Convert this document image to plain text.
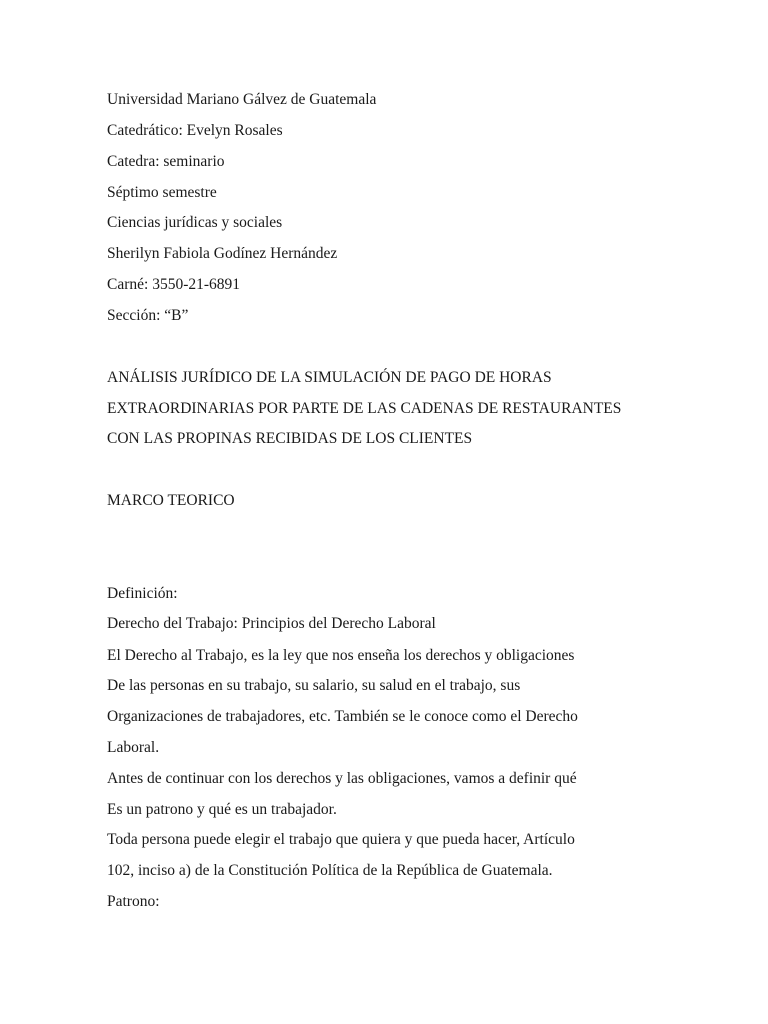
Universidad Mariano Gálvez de Guatemala

Catedrático: Evelyn Rosales

Catedra: seminario

Séptimo semestre

Ciencias jurídicas y sociales

Sherilyn Fabiola Godínez Hernández

Carné: 3550-21-6891

Sección: “B”

ANÁLISIS JURÍDICO DE LA SIMULACIÓN DE PAGO DE HORAS

EXTRAORDINARIAS POR PARTE DE LAS CADENAS DE RESTAURANTES

CON LAS PROPINAS RECIBIDAS DE LOS CLIENTES

MARCO TEORICO

Definición:

Derecho del Trabajo: Principios del Derecho Laboral

El Derecho al Trabajo, es la ley que nos enseña los derechos y obligaciones

De las personas en su trabajo, su salario, su salud en el trabajo, sus

Organizaciones de trabajadores, etc. También se le conoce como el Derecho

Laboral.

Antes de continuar con los derechos y las obligaciones, vamos a definir qué

Es un patrono y qué es un trabajador.

Toda persona puede elegir el trabajo que quiera y que pueda hacer, Artículo

102, inciso a) de la Constitución Política de la República de Guatemala.

Patrono:
